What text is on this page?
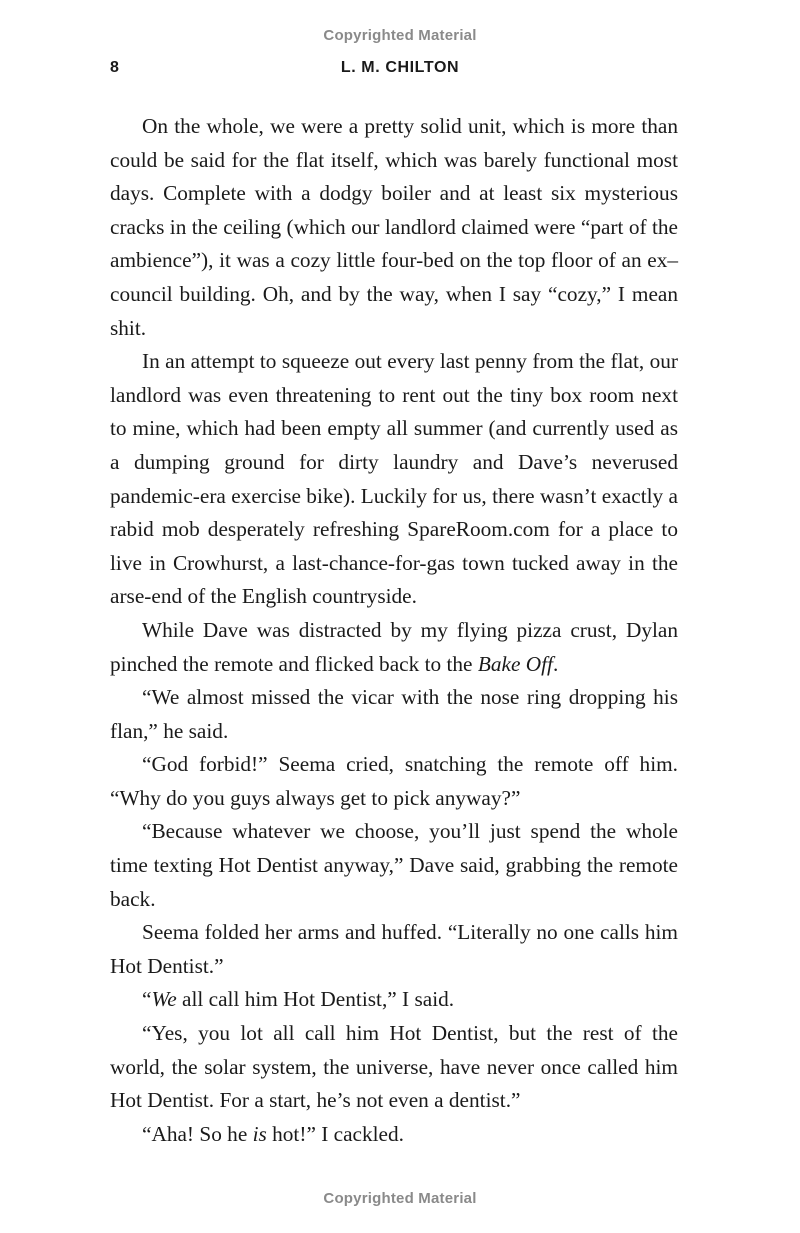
Copyrighted Material
8	L. M. CHILTON

On the whole, we were a pretty solid unit, which is more than could be said for the flat itself, which was barely functional most days. Complete with a dodgy boiler and at least six mysterious cracks in the ceiling (which our landlord claimed were “part of the ambience”), it was a cozy little four-bed on the top floor of an ex–council building. Oh, and by the way, when I say “cozy,” I mean shit.

In an attempt to squeeze out every last penny from the flat, our landlord was even threatening to rent out the tiny box room next to mine, which had been empty all summer (and currently used as a dumping ground for dirty laundry and Dave’s neverused pandemic-era exercise bike). Luckily for us, there wasn’t exactly a rabid mob desperately refreshing SpareRoom.com for a place to live in Crowhurst, a last-chance-for-gas town tucked away in the arse-end of the English countryside.

While Dave was distracted by my flying pizza crust, Dylan pinched the remote and flicked back to the Bake Off.

“We almost missed the vicar with the nose ring dropping his flan,” he said.

“God forbid!” Seema cried, snatching the remote off him. “Why do you guys always get to pick anyway?”

“Because whatever we choose, you’ll just spend the whole time texting Hot Dentist anyway,” Dave said, grabbing the remote back.

Seema folded her arms and huffed. “Literally no one calls him Hot Dentist.”

“We all call him Hot Dentist,” I said.

“Yes, you lot all call him Hot Dentist, but the rest of the world, the solar system, the universe, have never once called him Hot Dentist. For a start, he’s not even a dentist.”

“Aha! So he is hot!” I cackled.

Copyrighted Material
